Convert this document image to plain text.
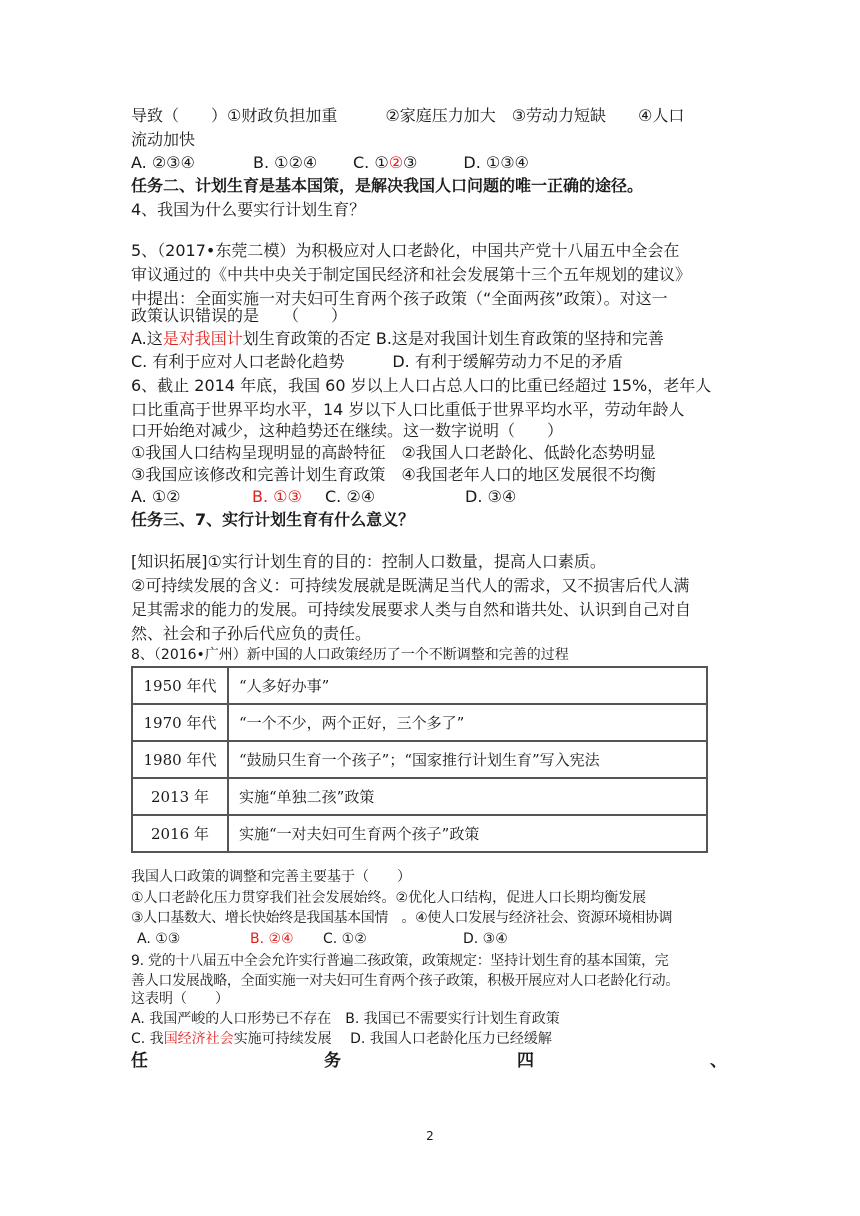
导致（　　）①财政负担加重　　　②家庭压力加大　③劳动力短缺　　④人口
流动加快
A. ②③④	B. ①②④ C. ①②③	D. ①③④
任务二、计划生育是基本国策，是解决我国人口问题的唯一正确的途径。
4、我国为什么要实行计划生育？
5、（2017•东莞二模）为积极应对人口老龄化，中国共产党十八届五中全会在
审议通过的《中共中央关于制定国民经济和社会发展第十三个五年规划的建议》
中提出：全面实施一对夫妇可生育两个孩子政策（“全面两孩”政策）。对这一
政策认识错误的是　　（　　）
A.这是对我国计划生育政策的否定 B.这是对我国计划生育政策的坚持和完善
C. 有利于应对人口老龄化趋势　　　D. 有利于缓解劳动力不足的矛盾
6、截止 2014 年底，我国 60 岁以上人口占总人口的比重已经超过 15%，老年人
口比重高于世界平均水平，14 岁以下人口比重低于世界平均水平，劳动年龄人
口开始绝对减少，这种趋势还在继续。这一数字说明（　　）
①我国人口结构呈现明显的高龄特征　②我国人口老龄化、低龄化态势明显
③我国应该修改和完善计划生育政策　④我国老年人口的地区发展很不均衡
A. ①②	B. ①③ C. ②④	D. ③④
任务三、7、实行计划生育有什么意义？
[知识拓展]①实行计划生育的目的：控制人口数量，提高人口素质。
②可持续发展的含义：可持续发展就是既满足当代人的需求，又不损害后代人满
足其需求的能力的发展。可持续发展要求人类与自然和谐共处、认识到自己对自
然、社会和子孙后代应负的责任。
8、（2016•广州）新中国的人口政策经历了一个不断调整和完善的过程
1950 年代	“人多好办事”
1970 年代	“一个不少，两个正好，三个多了”
1980 年代	“鼓励只生育一个孩子”；“国家推行计划生育”写入宪法
2013 年	实施“单独二孩”政策
2016 年	实施“一对夫妇可生育两个孩子”政策
我国人口政策的调整和完善主要基于（　　）
①人口老龄化压力贯穿我们社会发展始终。②优化人口结构，促进人口长期均衡发展
③人口基数大、增长快始终是我国基本国情　。④使人口发展与经济社会、资源环境相协调
A. ①③	B. ②④ C. ①②	D. ③④
9. 党的十八届五中全会允许实行普遍二孩政策，政策规定：坚持计划生育的基本国策，完
善人口发展战略，全面实施一对夫妇可生育两个孩子政策，积极开展应对人口老龄化行动。
这表明（　　）
A. 我国严峻的人口形势已不存在　B. 我国已不需要实行计划生育政策
C. 我国经济社会实施可持续发展　 D. 我国人口老龄化压力已经缓解
任	务	四	、
2
